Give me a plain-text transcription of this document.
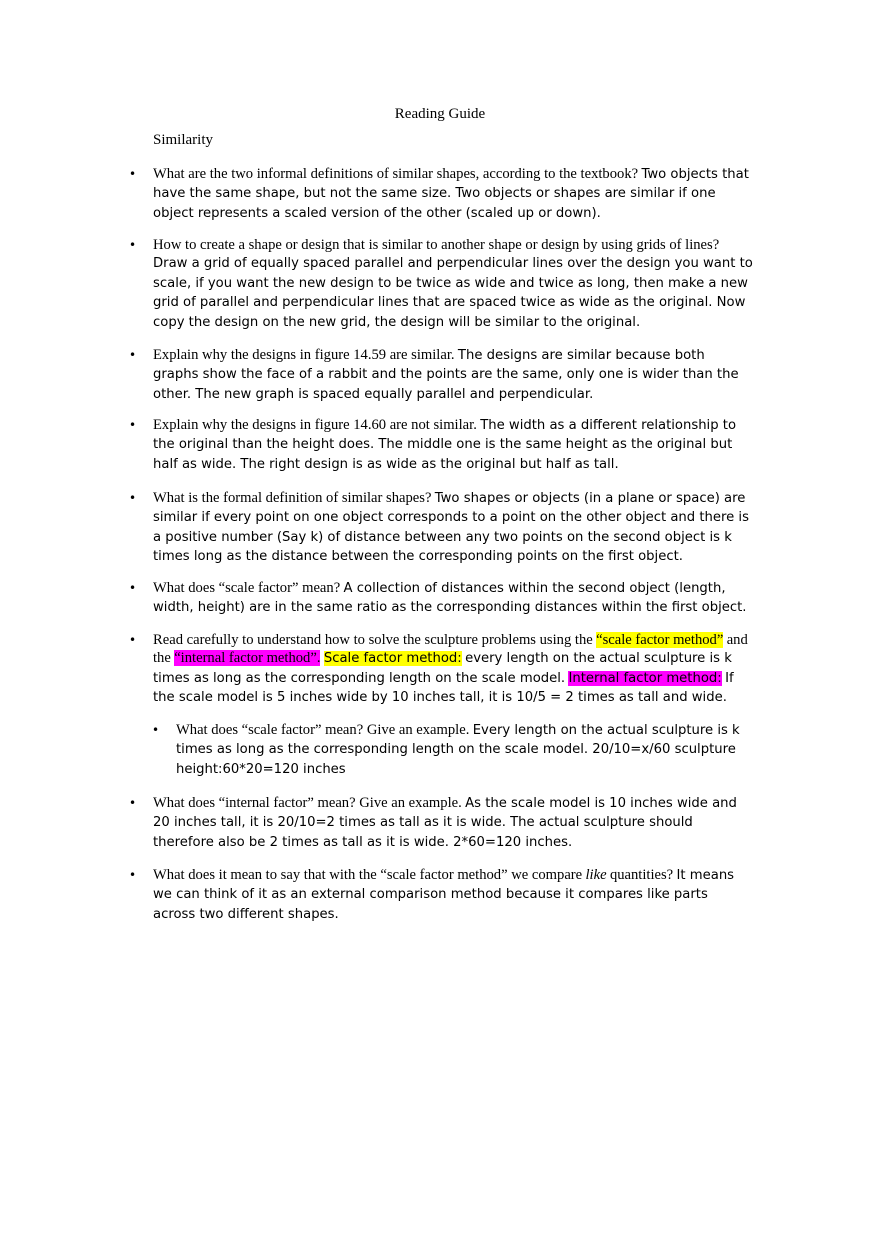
Reading Guide
Similarity
• What are the two informal definitions of similar shapes, according to the textbook? Two objects that have the same shape, but not the same size. Two objects or shapes are similar if one object represents a scaled version of the other (scaled up or down).
• How to create a shape or design that is similar to another shape or design by using grids of lines? Draw a grid of equally spaced parallel and perpendicular lines over the design you want to scale, if you want the new design to be twice as wide and twice as long, then make a new grid of parallel and perpendicular lines that are spaced twice as wide as the original. Now copy the design on the new grid, the design will be similar to the original.
• Explain why the designs in figure 14.59 are similar. The designs are similar because both graphs show the face of a rabbit and the points are the same, only one is wider than the other. The new graph is spaced equally parallel and perpendicular.
• Explain why the designs in figure 14.60 are not similar. The width as a different relationship to the original than the height does. The middle one is the same height as the original but half as wide. The right design is as wide as the original but half as tall.
• What is the formal definition of similar shapes? Two shapes or objects (in a plane or space) are similar if every point on one object corresponds to a point on the other object and there is a positive number (Say k) of distance between any two points on the second object is k times long as the distance between the corresponding points on the first object.
• What does “scale factor” mean? A collection of distances within the second object (length, width, height) are in the same ratio as the corresponding distances within the first object.
• Read carefully to understand how to solve the sculpture problems using the “scale factor method” and the “internal factor method”. Scale factor method: every length on the actual sculpture is k times as long as the corresponding length on the scale model. Internal factor method: If the scale model is 5 inches wide by 10 inches tall, it is 10/5 = 2 times as tall and wide.
• What does “scale factor” mean? Give an example. Every length on the actual sculpture is k times as long as the corresponding length on the scale model. 20/10=x/60 sculpture height:60*20=120 inches
• What does “internal factor” mean? Give an example. As the scale model is 10 inches wide and 20 inches tall, it is 20/10=2 times as tall as it is wide. The actual sculpture should therefore also be 2 times as tall as it is wide. 2*60=120 inches.
• What does it mean to say that with the “scale factor method” we compare like quantities? It means we can think of it as an external comparison method because it compares like parts across two different shapes.
